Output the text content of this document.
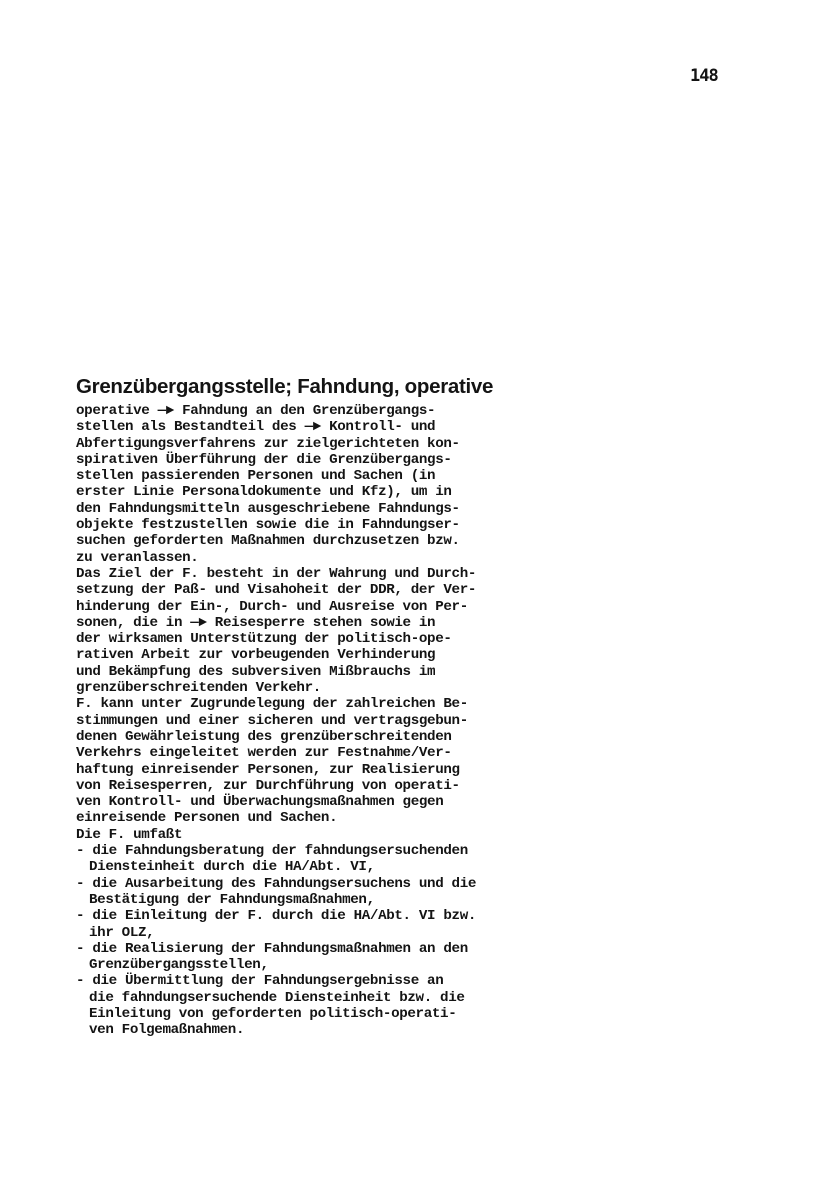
148
Grenzübergangsstelle; Fahndung, operative
operative —► Fahndung an den Grenzübergangs-
stellen als Bestandteil des —► Kontroll- und
Abfertigungsverfahrens zur zielgerichteten kon-
spirativen Überführung der die Grenzübergangs-
stellen passierenden Personen und Sachen (in
erster Linie Personaldokumente und Kfz), um in
den Fahndungsmitteln ausgeschriebene Fahndungs-
objekte festzustellen sowie die in Fahndungser-
suchen geforderten Maßnahmen durchzusetzen bzw.
zu veranlassen.
Das Ziel der F. besteht in der Wahrung und Durch-
setzung der Paß- und Visahoheit der DDR, der Ver-
hinderung der Ein-, Durch- und Ausreise von Per-
sonen, die in —► Reisesperre stehen sowie in
der wirksamen Unterstützung der politisch-ope-
rativen Arbeit zur vorbeugenden Verhinderung
und Bekämpfung des subversiven Mißbrauchs im
grenzüberschreitenden Verkehr.
F. kann unter Zugrundelegung der zahlreichen Be-
stimmungen und einer sicheren und vertragsgebun-
denen Gewährleistung des grenzüberschreitenden
Verkehrs eingeleitet werden zur Festnahme/Ver-
haftung einreisender Personen, zur Realisierung
von Reisesperren, zur Durchführung von operati-
ven Kontroll- und Überwachungsmaßnahmen gegen
einreisende Personen und Sachen.
Die F. umfaßt
- die Fahndungsberatung der fahndungsersuchenden
Diensteinheit durch die HA/Abt. VI,
- die Ausarbeitung des Fahndungsersuchens und die
Bestätigung der Fahndungsmaßnahmen,
- die Einleitung der F. durch die HA/Abt. VI bzw.
ihr OLZ,
- die Realisierung der Fahndungsmaßnahmen an den
Grenzübergangsstellen,
- die Übermittlung der Fahndungsergebnisse an
die fahndungsersuchende Diensteinheit bzw. die
Einleitung von geforderten politisch-operati-
ven Folgemaßnahmen.
